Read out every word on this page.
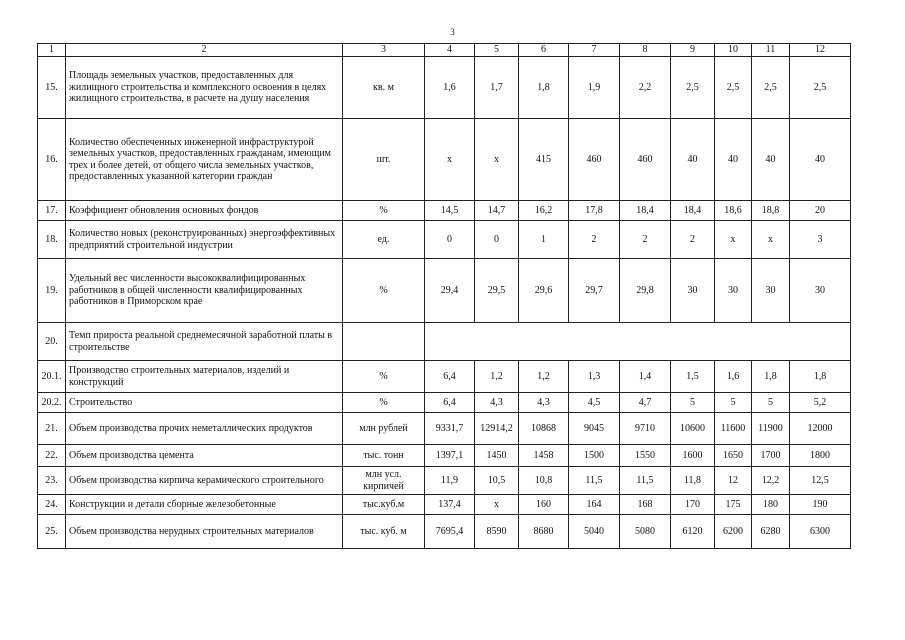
3
1	2	3	4	5	6	7	8	9	10	11	12
15.	Площадь земельных участков, предоставленных для жилищного строительства и комплексного освоения в целях жилищного строительства, в расчете на душу населения	кв. м	1,6	1,7	1,8	1,9	2,2	2,5	2,5	2,5	2,5
16.	Количество обеспеченных инженерной инфраструктурой земельных участков, предоставленных гражданам, имеющим трех и более детей, от общего числа земельных участков, предоставленных указанной категории граждан	шт.	х	х	415	460	460	40	40	40	40
17.	Коэффициент обновления основных фондов	%	14,5	14,7	16,2	17,8	18,4	18,4	18,6	18,8	20
18.	Количество новых (реконструированных) энергоэффективных предприятий строительной индустрии	ед.	0	0	1	2	2	2	х	х	3
19.	Удельный вес численности высококвалифицированных работников в общей численности квалифицированных работников в Приморском крае	%	29,4	29,5	29,6	29,7	29,8	30	30	30	30
20.	Темп прироста реальной среднемесячной заработной платы в строительстве										
20.1.	Производство строительных материалов, изделий и конструкций	%	6,4	1,2	1,2	1,3	1,4	1,5	1,6	1,8	1,8
20.2.	Строительство	%	6,4	4,3	4,3	4,5	4,7	5	5	5	5,2
21.	Объем производства прочих неметаллических продуктов	млн рублей	9331,7	12914,2	10868	9045	9710	10600	11600	11900	12000
22.	Объем производства цемента	тыс. тонн	1397,1	1450	1458	1500	1550	1600	1650	1700	1800
23.	Объем производства кирпича керамического строительного	млн усл. кирпичей	11,9	10,5	10,8	11,5	11,5	11,8	12	12,2	12,5
24.	Конструкции и детали сборные железобетонные	тыс.куб.м	137,4	х	160	164	168	170	175	180	190
25.	Объем производства нерудных строительных материалов	тыс. куб. м	7695,4	8590	8680	5040	5080	6120	6200	6280	6300
